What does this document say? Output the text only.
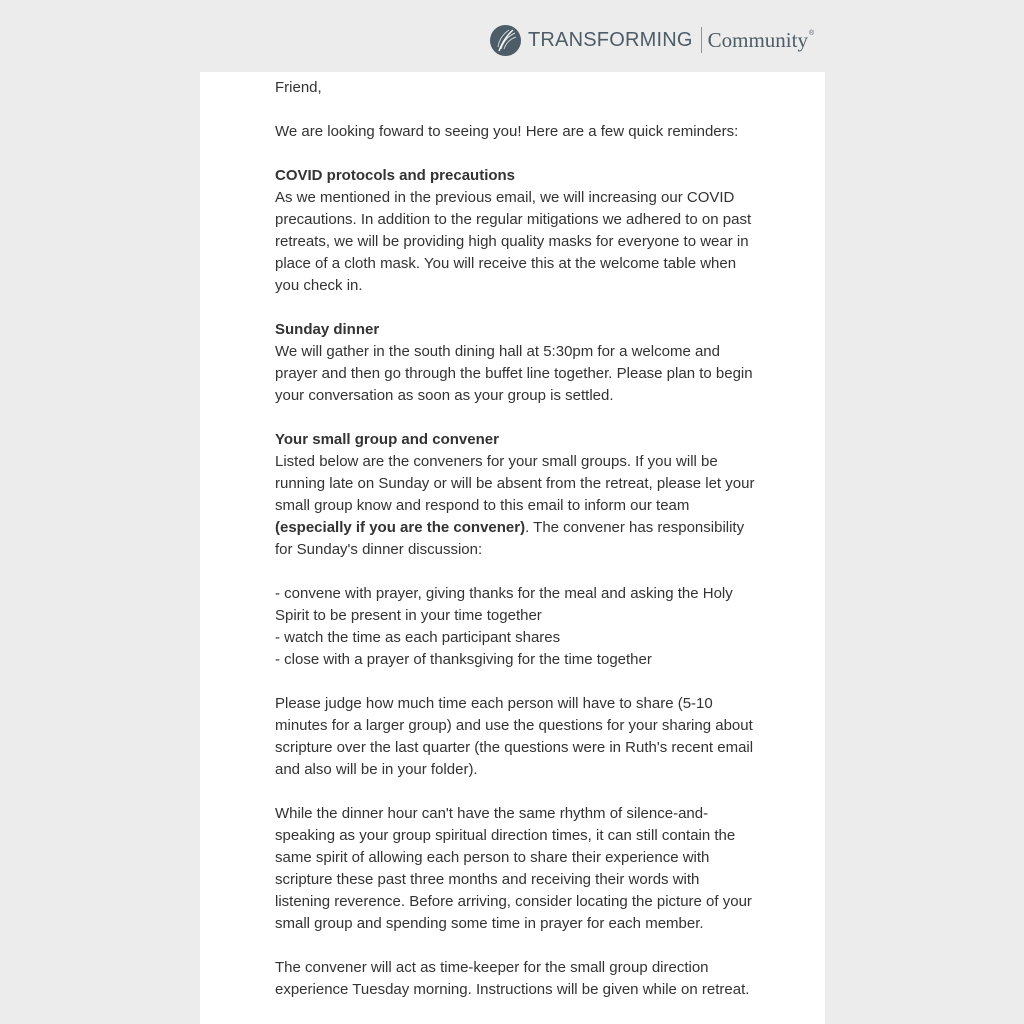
TRANSFORMING Community ®

Friend,

We are looking foward to seeing you! Here are a few quick reminders:

COVID protocols and precautions
As we mentioned in the previous email, we will increasing our COVID precautions. In addition to the regular mitigations we adhered to on past retreats, we will be providing high quality masks for everyone to wear in place of a cloth mask. You will receive this at the welcome table when you check in.

Sunday dinner
We will gather in the south dining hall at 5:30pm for a welcome and prayer and then go through the buffet line together. Please plan to begin your conversation as soon as your group is settled.

Your small group and convener
Listed below are the conveners for your small groups. If you will be running late on Sunday or will be absent from the retreat, please let your small group know and respond to this email to inform our team (especially if you are the convener). The convener has responsibility for Sunday's dinner discussion:

- convene with prayer, giving thanks for the meal and asking the Holy Spirit to be present in your time together
- watch the time as each participant shares
- close with a prayer of thanksgiving for the time together

Please judge how much time each person will have to share (5-10 minutes for a larger group) and use the questions for your sharing about scripture over the last quarter (the questions were in Ruth's recent email and also will be in your folder).

While the dinner hour can't have the same rhythm of silence-and-speaking as your group spiritual direction times, it can still contain the same spirit of allowing each person to share their experience with scripture these past three months and receiving their words with listening reverence. Before arriving, consider locating the picture of your small group and spending some time in prayer for each member.

The convener will act as time-keeper for the small group direction experience Tuesday morning. Instructions will be given while on retreat.
